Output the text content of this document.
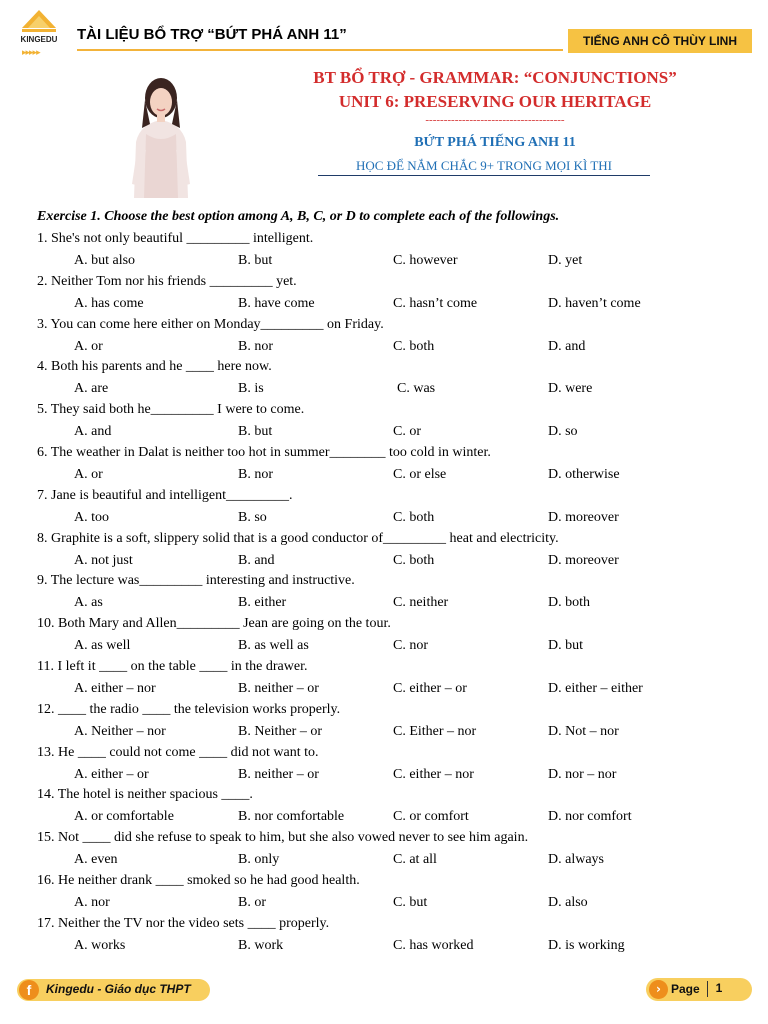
KINGEDU
▸▸▸▸▸
TÀI LIỆU BỔ TRỢ “BỨT PHÁ ANH 11”	TIẾNG ANH CÔ THÙY LINH
BT BỔ TRỢ - GRAMMAR: “CONJUNCTIONS”
UNIT 6: PRESERVING OUR HERITAGE
--------------------------------------
BỨT PHÁ TIẾNG ANH 11
HỌC ĐỂ NẮM CHẮC 9+ TRONG MỌI KÌ THI
Exercise 1. Choose the best option among A, B, C, or D to complete each of the followings.
1. She's not only beautiful _________ intelligent.
A. but also	B. but	C. however	D. yet
2. Neither Tom nor his friends _________ yet.
A. has come	B. have come	C. hasn’t come	D. haven’t come
3. You can come here either on Monday_________ on Friday.
A. or	B. nor	C. both	D. and
4. Both his parents and he ____ here now.
A. are	B. is	C. was	D. were
5. They said both he_________ I were to come.
A. and	B. but	C. or	D. so
6. The weather in Dalat is neither too hot in summer________ too cold in winter.
A. or	B. nor	C. or else	D. otherwise
7. Jane is beautiful and intelligent_________.
A. too	B. so	C. both	D. moreover
8. Graphite is a soft, slippery solid that is a good conductor of_________ heat and electricity.
A. not just	B. and	C. both	D. moreover
9. The lecture was_________ interesting and instructive.
A. as	B. either	C. neither	D. both
10. Both Mary and Allen_________ Jean are going on the tour.
A. as well	B. as well as	C. nor	D. but
11. I left it ____ on the table ____ in the drawer.
A. either – nor	B. neither – or	C. either – or	D. either – either
12. ____ the radio ____ the television works properly.
A. Neither – nor	B. Neither – or	C. Either – nor	D. Not – nor
13. He ____ could not come ____ did not want to.
A. either – or	B. neither – or	C. either – nor	D. nor – nor
14. The hotel is neither spacious ____.
A. or comfortable	B. nor comfortable	C. or comfort	D. nor comfort
15. Not ____ did she refuse to speak to him, but she also vowed never to see him again.
A. even	B. only	C. at all	D. always
16. He neither drank ____ smoked so he had good health.
A. nor	B. or	C. but	D. also
17. Neither the TV nor the video sets ____ properly.
A. works	B. work	C. has worked	D. is working
f	Kingedu - Giáo dục THPT	› Page	1
